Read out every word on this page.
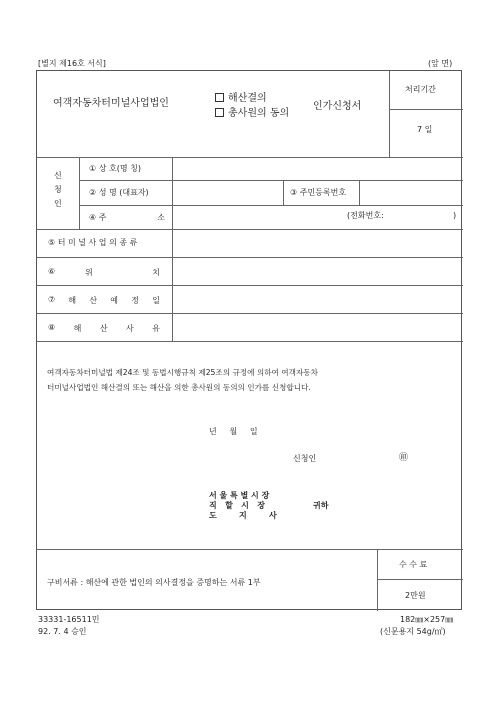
[별지 제16호 서식]	(앞 면)
여객자동차터미널사업법인	해산결의
총사원의 동의
인가신청서
처리기간
7 일
신
청
인
① 상 호(명 칭)
② 성 명 (대표자)	③ 주민등록번호
④ 주	소	(전화번호:	)
⑤ 터 미 널 사 업 의 종 류
⑥	위	치
⑦ 해 산 예 정 일
⑧ 해 산 사 유
여객자동차터미널법 제24조 및 동법시행규칙 제25조의 규정에 의하여 여객자동차
터미널사업법인 해산결의 또는 해산을 의한 총사원의 동의의 인가를 신청합니다.
년     월     일
신청인	㊞
서 울 특 별 시 장
직   할   시   장
도        지        사
귀하
구비서류 : 해산에 관한 법인의 의사결정을 증명하는 서류 1부
수 수 료
2만원
33331-16511민
92. 7. 4 승인
182㎜×257㎜
(신문용지 54g/㎡)
